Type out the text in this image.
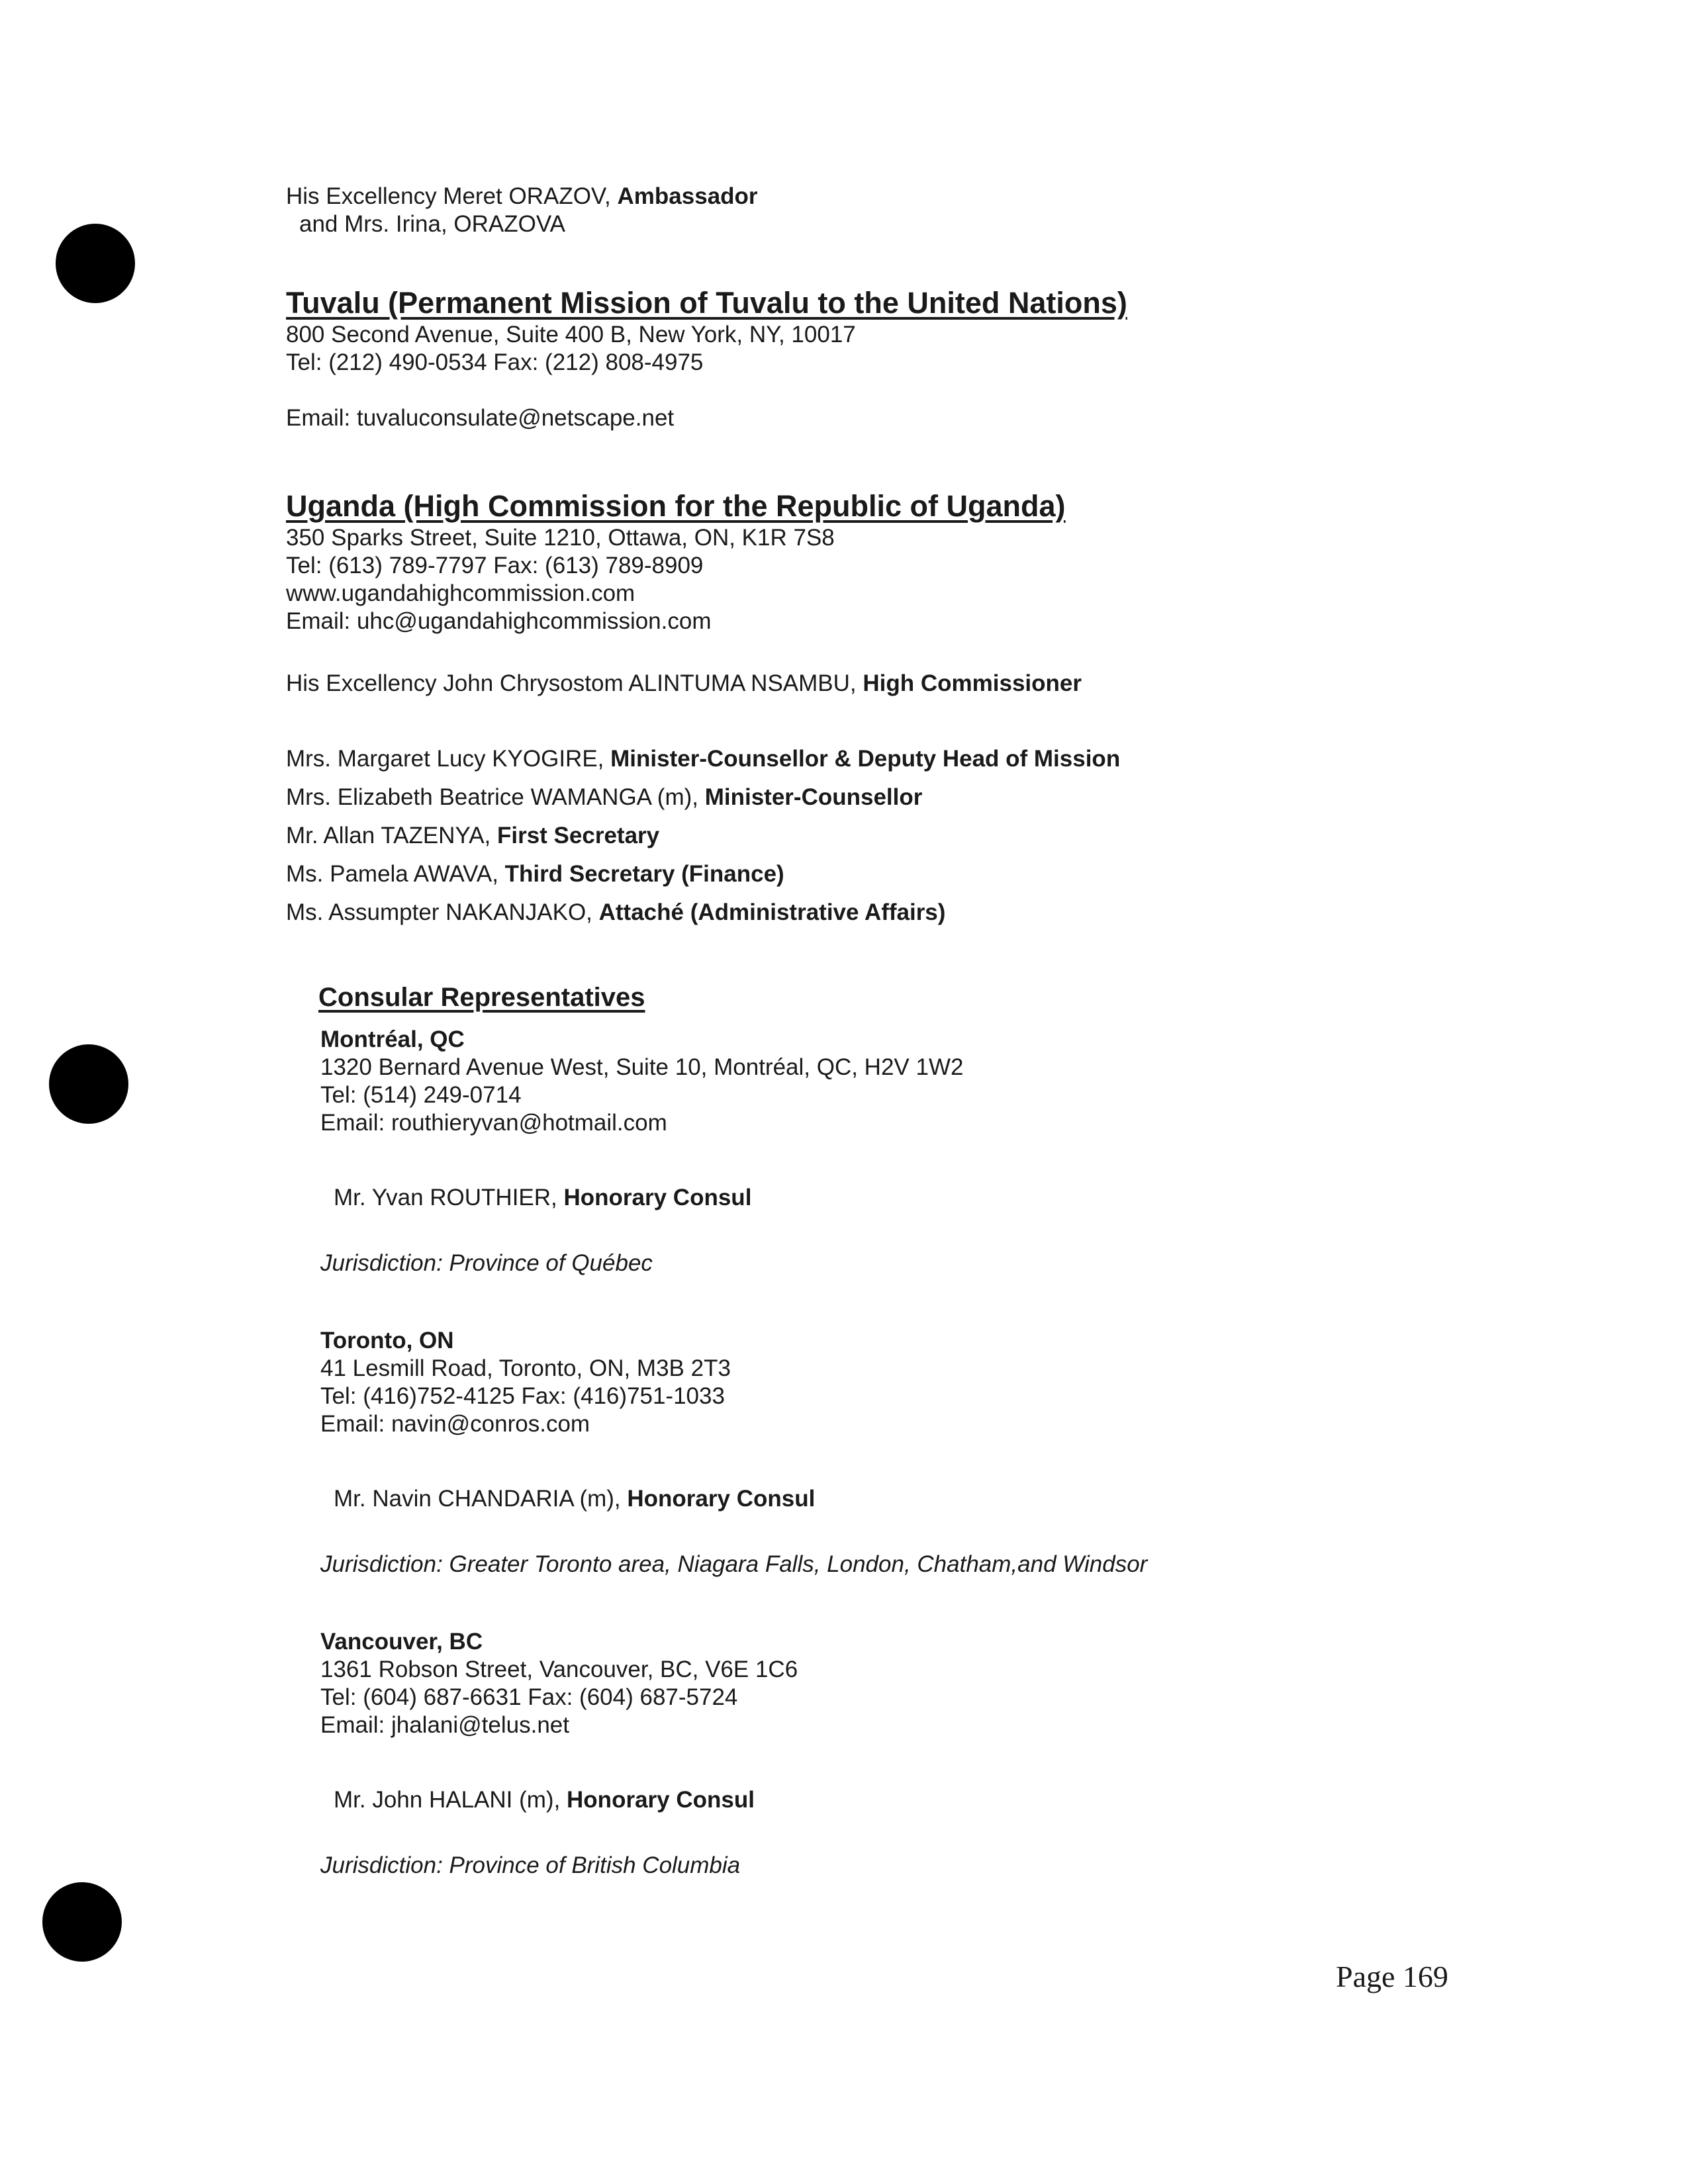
His Excellency Meret ORAZOV, Ambassador
and Mrs. Irina, ORAZOVA
Tuvalu (Permanent Mission of Tuvalu to the United Nations)
800 Second Avenue, Suite 400 B, New York, NY, 10017
Tel: (212) 490-0534 Fax: (212) 808-4975
Email: tuvaluconsulate@netscape.net
Uganda (High Commission for the Republic of Uganda)
350 Sparks Street, Suite 1210, Ottawa, ON, K1R 7S8
Tel: (613) 789-7797 Fax: (613) 789-8909
www.ugandahighcommission.com
Email: uhc@ugandahighcommission.com
His Excellency John Chrysostom ALINTUMA NSAMBU, High Commissioner
Mrs. Margaret Lucy KYOGIRE, Minister-Counsellor & Deputy Head of Mission
Mrs. Elizabeth Beatrice WAMANGA (m), Minister-Counsellor
Mr. Allan TAZENYA, First Secretary
Ms. Pamela AWAVA, Third Secretary (Finance)
Ms. Assumpter NAKANJAKO, Attaché (Administrative Affairs)
Consular Representatives
Montréal, QC
1320 Bernard Avenue West, Suite 10, Montréal, QC, H2V 1W2
Tel: (514) 249-0714
Email: routhieryvan@hotmail.com
Mr. Yvan ROUTHIER, Honorary Consul
Jurisdiction: Province of Québec
Toronto, ON
41 Lesmill Road, Toronto, ON, M3B 2T3
Tel: (416)752-4125 Fax: (416)751-1033
Email: navin@conros.com
Mr. Navin CHANDARIA (m), Honorary Consul
Jurisdiction: Greater Toronto area, Niagara Falls, London, Chatham,and Windsor
Vancouver, BC
1361 Robson Street, Vancouver, BC, V6E 1C6
Tel: (604) 687-6631 Fax: (604) 687-5724
Email: jhalani@telus.net
Mr. John HALANI (m), Honorary Consul
Jurisdiction: Province of British Columbia
Page 169
